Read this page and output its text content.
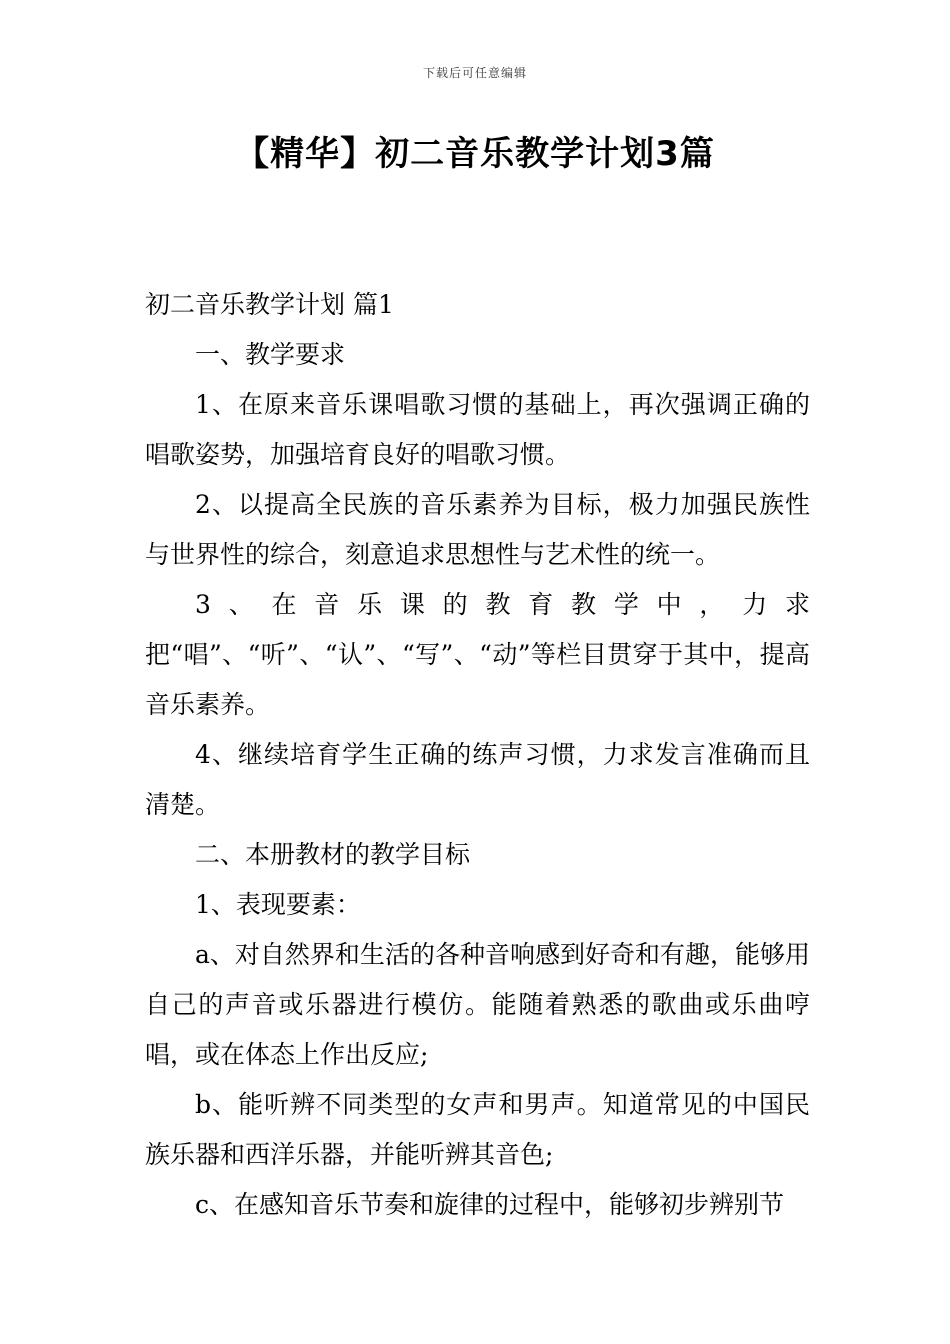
下载后可任意编辑
【精华】初二音乐教学计划3篇

初二音乐教学计划 篇1

一、教学要求

1、在原来音乐课唱歌习惯的基础上，再次强调正确的唱歌姿势，加强培育良好的唱歌习惯。

2、以提高全民族的音乐素养为目标，极力加强民族性与世界性的综合，刻意追求思想性与艺术性的统一。

3、在音乐课的教育教学中，力求把“唱”、“听”、“认”、“写”、“动”等栏目贯穿于其中，提高音乐素养。

4、继续培育学生正确的练声习惯，力求发言准确而且清楚。

二、本册教材的教学目标

1、表现要素：

a、对自然界和生活的各种音响感到好奇和有趣，能够用自己的声音或乐器进行模仿。能随着熟悉的歌曲或乐曲哼唱，或在体态上作出反应;

b、能听辨不同类型的女声和男声。知道常见的中国民族乐器和西洋乐器，并能听辨其音色;

c、在感知音乐节奏和旋律的过程中，能够初步辨别节
